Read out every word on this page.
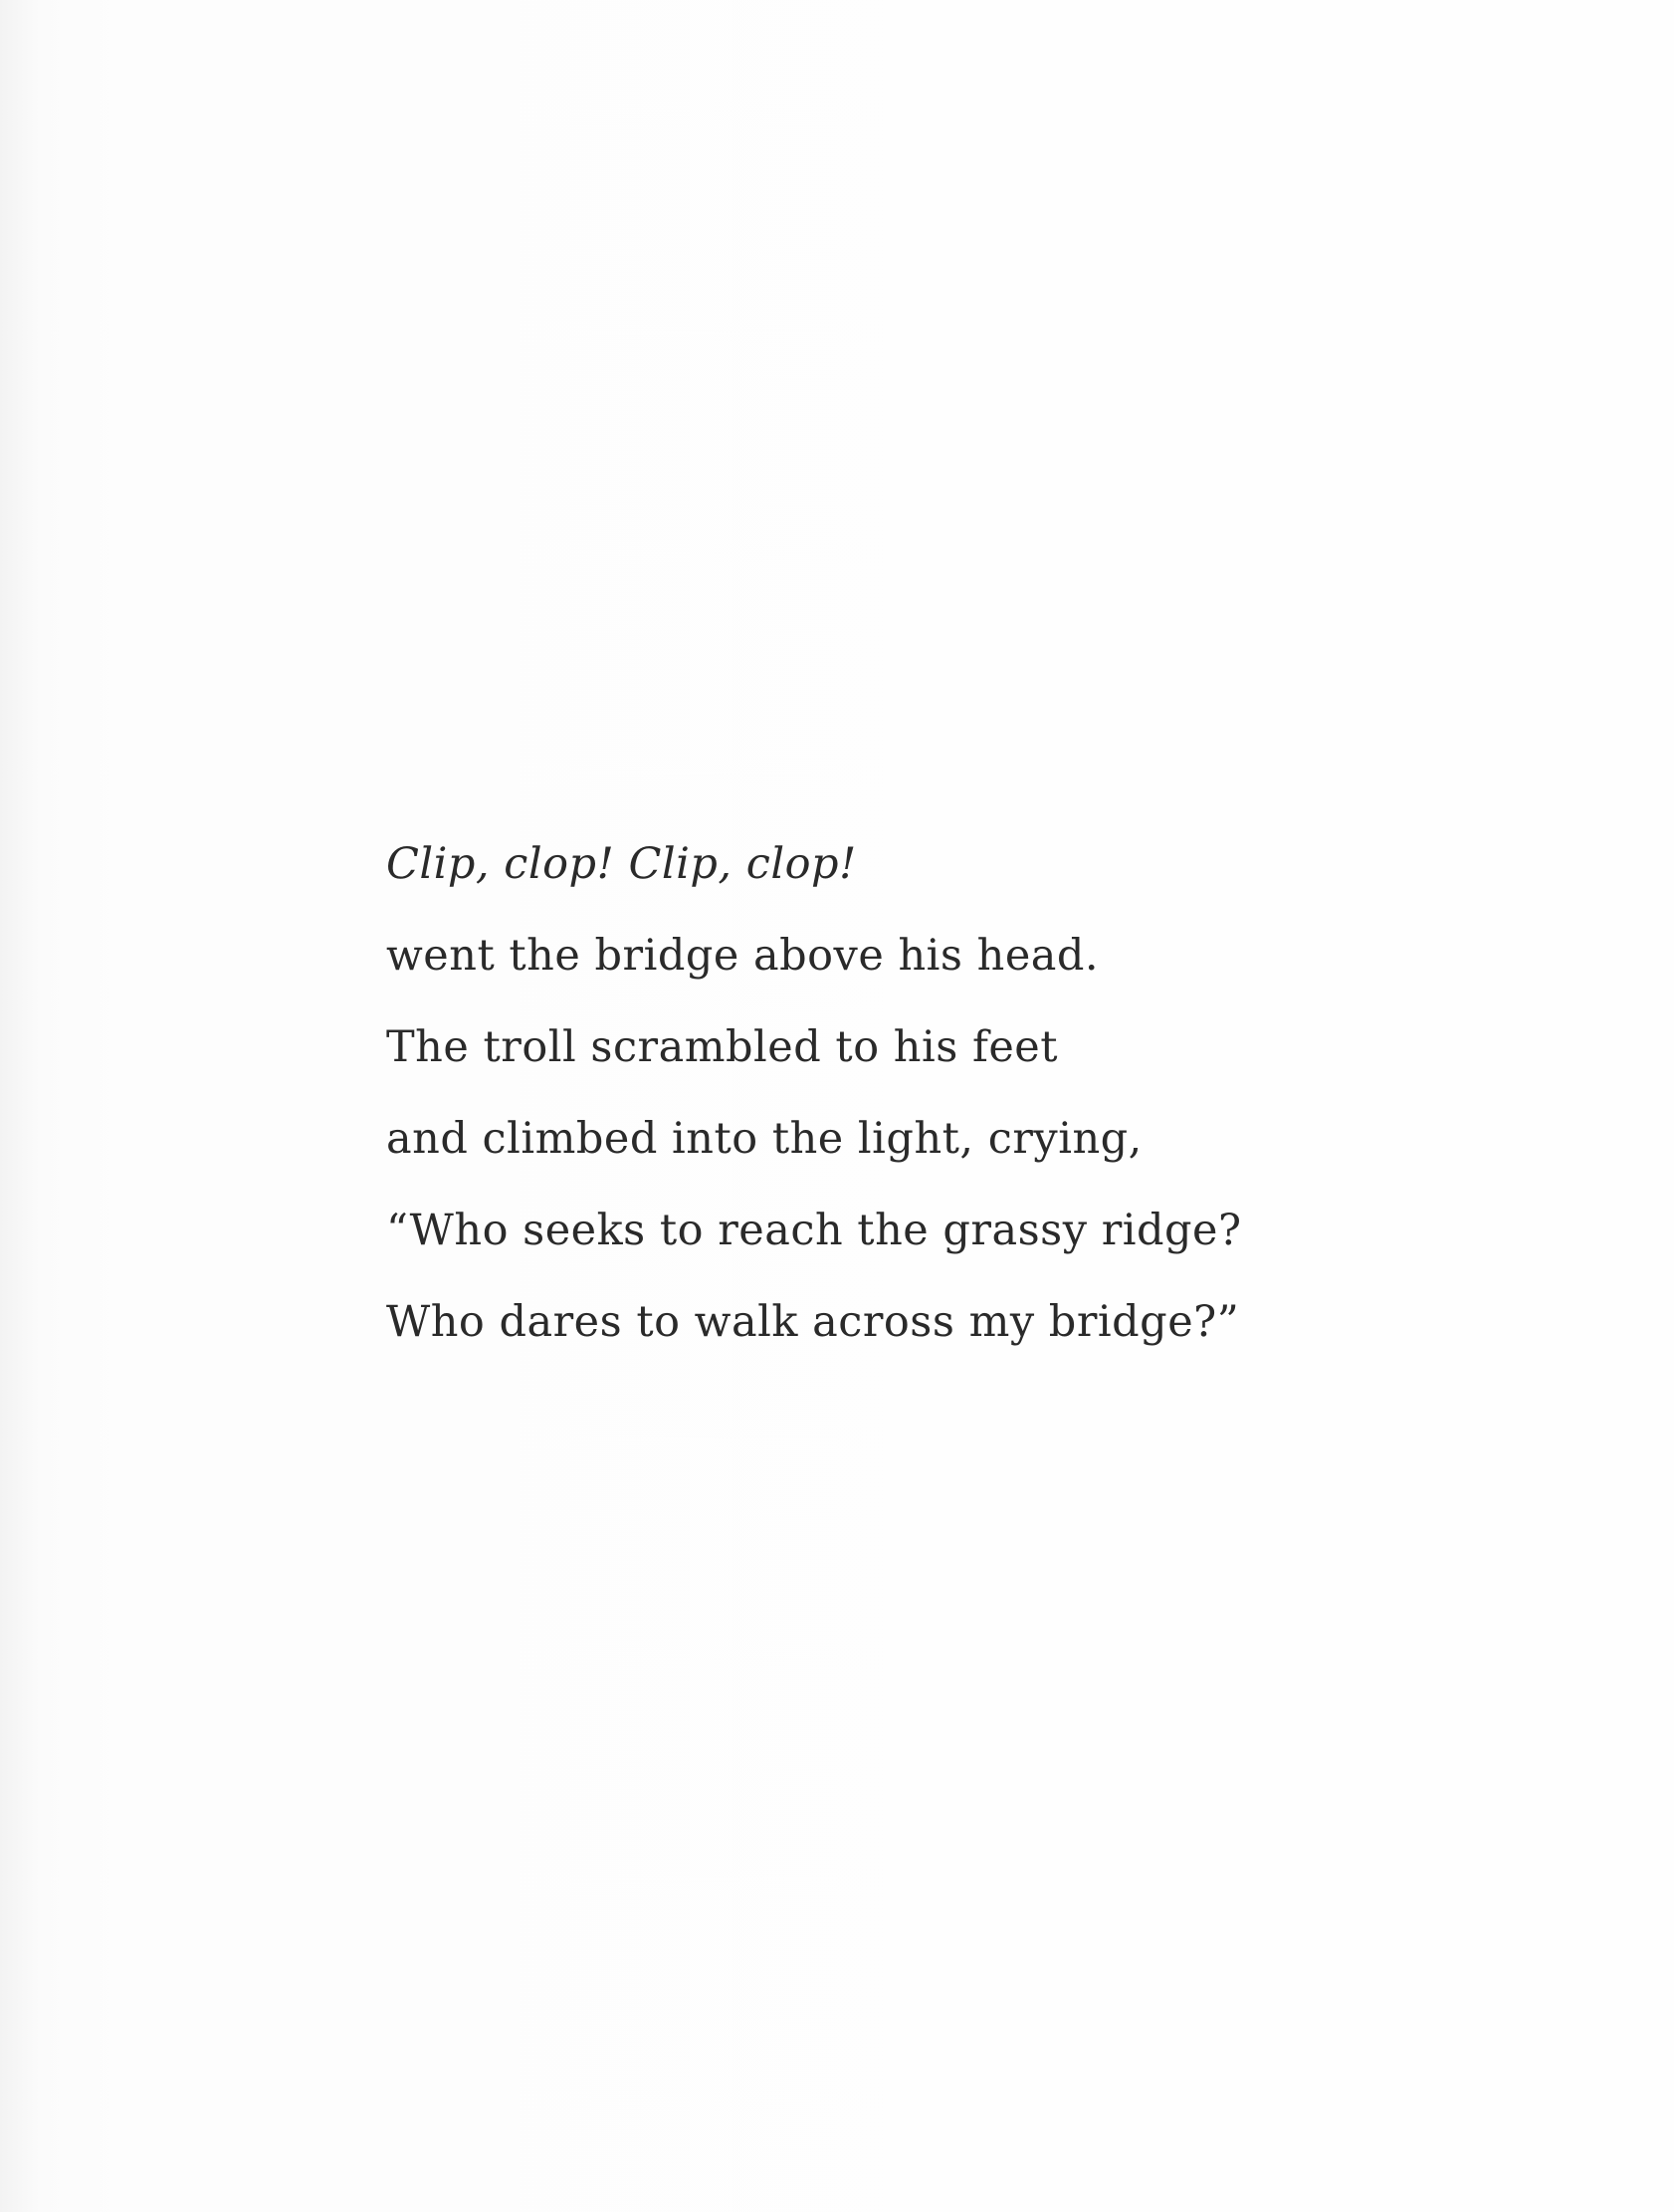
Clip, clop! Clip, clop!
went the bridge above his head.
The troll scrambled to his feet
and climbed into the light, crying,
“Who seeks to reach the grassy ridge?
Who dares to walk across my bridge?”
